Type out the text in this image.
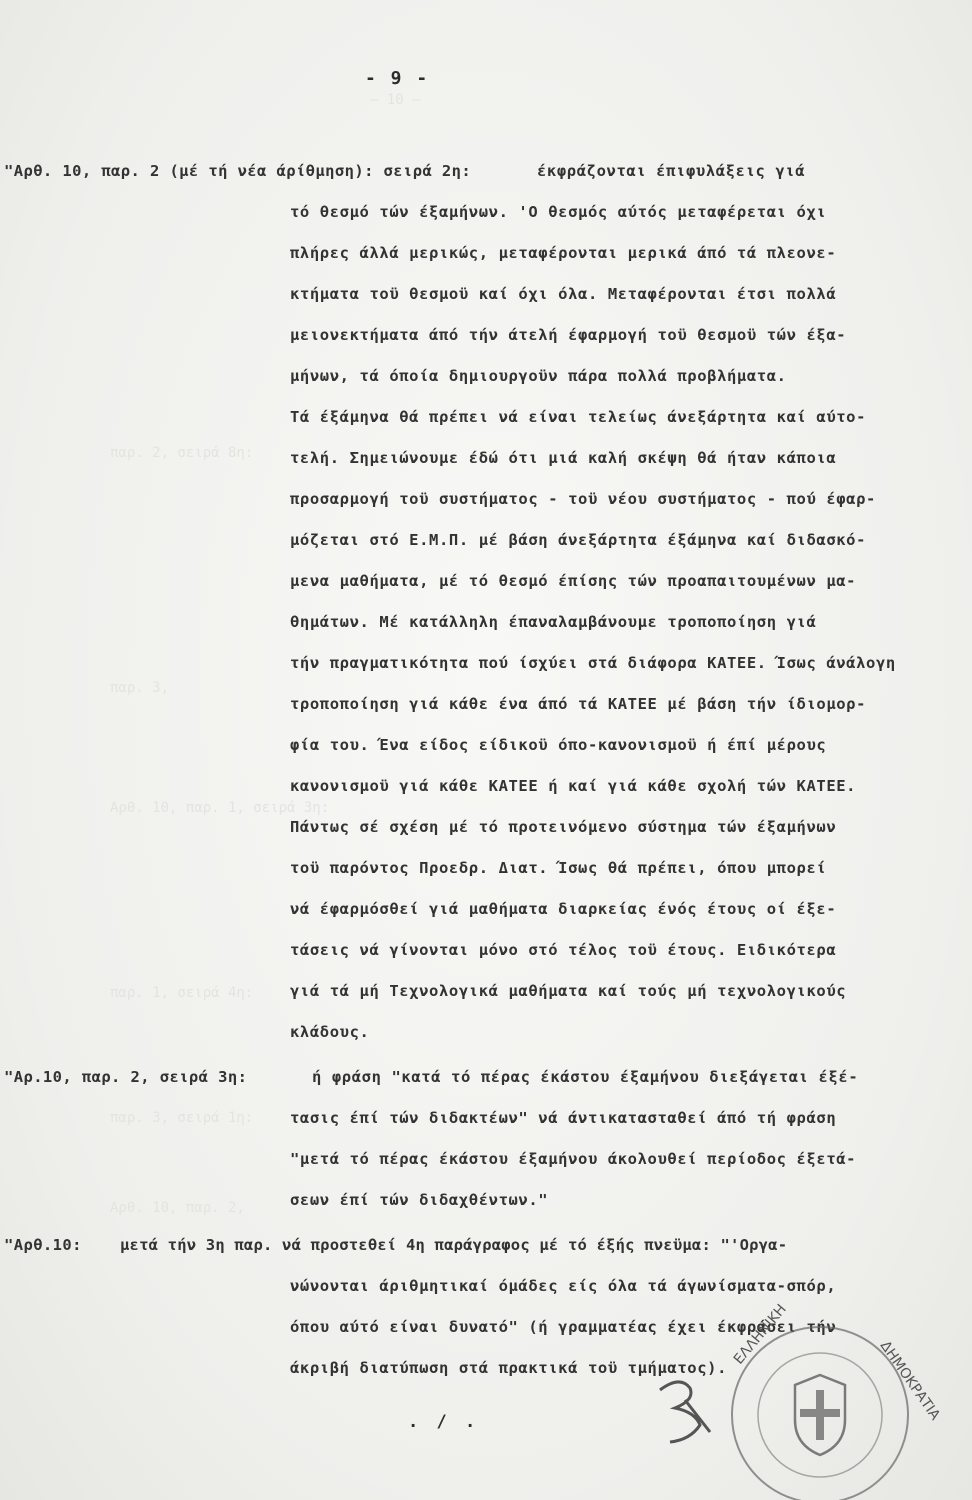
— 10 —
παρ. 2, σειρά 8η:
παρ. 3,
Αρθ. 10, παρ. 1, σειρά 3η:
παρ. 1, σειρά 4η:
παρ. 3, σειρά 1η:
Αρθ. 10, παρ. 2,
- 9 -
"Αρθ. 10, παρ. 2 (μέ τή νέα άρίθμηση): σειρά 2η:	έκφράζονται έπιφυλάξεις γιά
τό θεσμό τών έξαμήνων. 'Ο θεσμός αύτός μεταφέρεται όχι
πλήρες άλλά μερικώς, μεταφέρονται μερικά άπό τά πλεονε-
κτήματα τοϋ θεσμοϋ καί όχι όλα. Μεταφέρονται έτσι πολλά
μειονεκτήματα άπό τήν άτελή έφαρμογή τοϋ θεσμοϋ τών έξα-
μήνων, τά όποία δημιουργοϋν πάρα πολλά προβλήματα.
Τά έξάμηνα θά πρέπει νά είναι τελείως άνεξάρτητα καί αύτο-
τελή. Σημειώνουμε έδώ ότι μιά καλή σκέψη θά ήταν κάποια
προσαρμογή τοϋ συστήματος - τοϋ νέου συστήματος - πού έφαρ-
μόζεται στό Ε.Μ.Π. μέ βάση άνεξάρτητα έξάμηνα καί διδασκό-
μενα μαθήματα, μέ τό θεσμό έπίσης τών προαπαιτουμένων μα-
θημάτων. Μέ κατάλληλη έπαναλαμβάνουμε τροποποίηση γιά
τήν πραγματικότητα πού ίσχύει στά διάφορα ΚΑΤΕΕ. Ίσως άνάλογη
τροποποίηση γιά κάθε ένα άπό τά ΚΑΤΕΕ μέ βάση τήν ίδιομορ-
φία του. Ένα είδος είδικοϋ όπο-κανονισμοϋ ή έπί μέρους
κανονισμοϋ γιά κάθε ΚΑΤΕΕ ή καί γιά κάθε σχολή τών ΚΑΤΕΕ.
Πάντως σέ σχέση μέ τό προτεινόμενο σύστημα τών έξαμήνων
τοϋ παρόντος Προεδρ. Διατ. Ίσως θά πρέπει, όπου μπορεί
νά έφαρμόσθεί γιά μαθήματα διαρκείας ένός έτους οί έξε-
τάσεις νά γίνονται μόνο στό τέλος τοϋ έτους. Ειδικότερα
γιά τά μή Τεχνολογικά μαθήματα καί τούς μή τεχνολογικούς
κλάδους.
"Αρ.10, παρ. 2, σειρά 3η:	ή φράση "κατά τό πέρας έκάστου έξαμήνου διεξάγεται έξέ-
τασις έπί τών διδακτέων" νά άντικατασταθεί άπό τή φράση
"μετά τό πέρας έκάστου έξαμήνου άκολουθεί περίοδος έξετά-
σεων έπί τών διδαχθέντων."
"Αρθ.10: μετά τήν 3η παρ. νά προστεθεί 4η παράγραφος μέ τό έξής πνεϋμα: "'Οργα-
νώνονται άριθμητικαί όμάδες είς όλα τά άγωνίσματα-σπόρ,
όπου αύτό είναι δυνατό" (ή γραμματέας έχει έκφράσει τήν
άκριβή διατύπωση στά πρακτικά τοϋ τμήματος).
. / .
ΕΛΛΗΝΙΚΗ
ΔΗΜΟΚΡΑΤΙΑ
